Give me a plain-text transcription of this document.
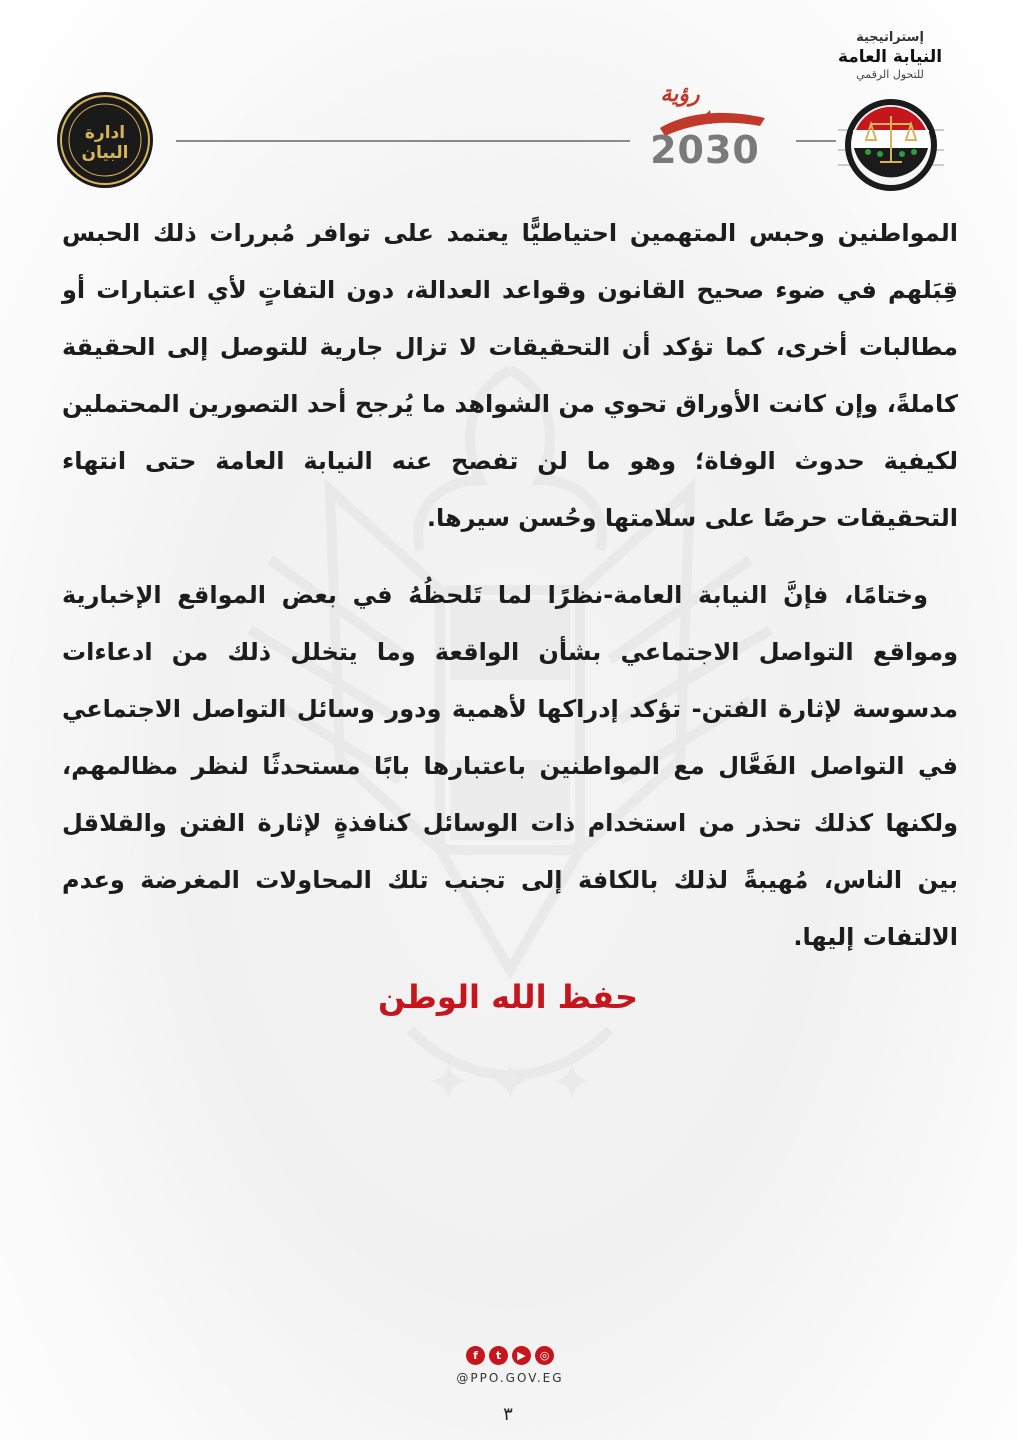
✦ ✦ ✦
ادارة
البيان
رؤية
2030
إستراتيجية
النيابة العامة
للتحول الرقمي

المواطنين وحبس المتهمين احتياطيًّا يعتمد على توافر مُبررات ذلك الحبس قِبَلهم في ضوء صحيح القانون وقواعد العدالة، دون التفاتٍ لأي اعتبارات أو مطالبات أخرى، كما تؤكد أن التحقيقات لا تزال جارية للتوصل إلى الحقيقة كاملةً، وإن كانت الأوراق تحوي من الشواهد ما يُرجح أحد التصورين المحتملين لكيفية حدوث الوفاة؛ وهو ما لن تفصح عنه النيابة العامة حتى انتهاء التحقيقات حرصًا على سلامتها وحُسن سيرها.

وختامًا، فإنَّ النيابة العامة-نظرًا لما تَلحظُهُ في بعض المواقع الإخبارية ومواقع التواصل الاجتماعي بشأن الواقعة وما يتخلل ذلك من ادعاءات مدسوسة لإثارة الفتن- تؤكد إدراكها لأهمية ودور وسائل التواصل الاجتماعي في التواصل الفَعَّال مع المواطنين باعتبارها بابًا مستحدثًا لنظر مظالمهم، ولكنها كذلك تحذر من استخدام ذات الوسائل كنافذةٍ لإثارة الفتن والقلاقل بين الناس، مُهيبةً لذلك بالكافة إلى تجنب تلك المحاولات المغرضة وعدم الالتفات إليها.

حفظ الله الوطن
f	t	▶	◎
@PPO.GOV.EG
٣
